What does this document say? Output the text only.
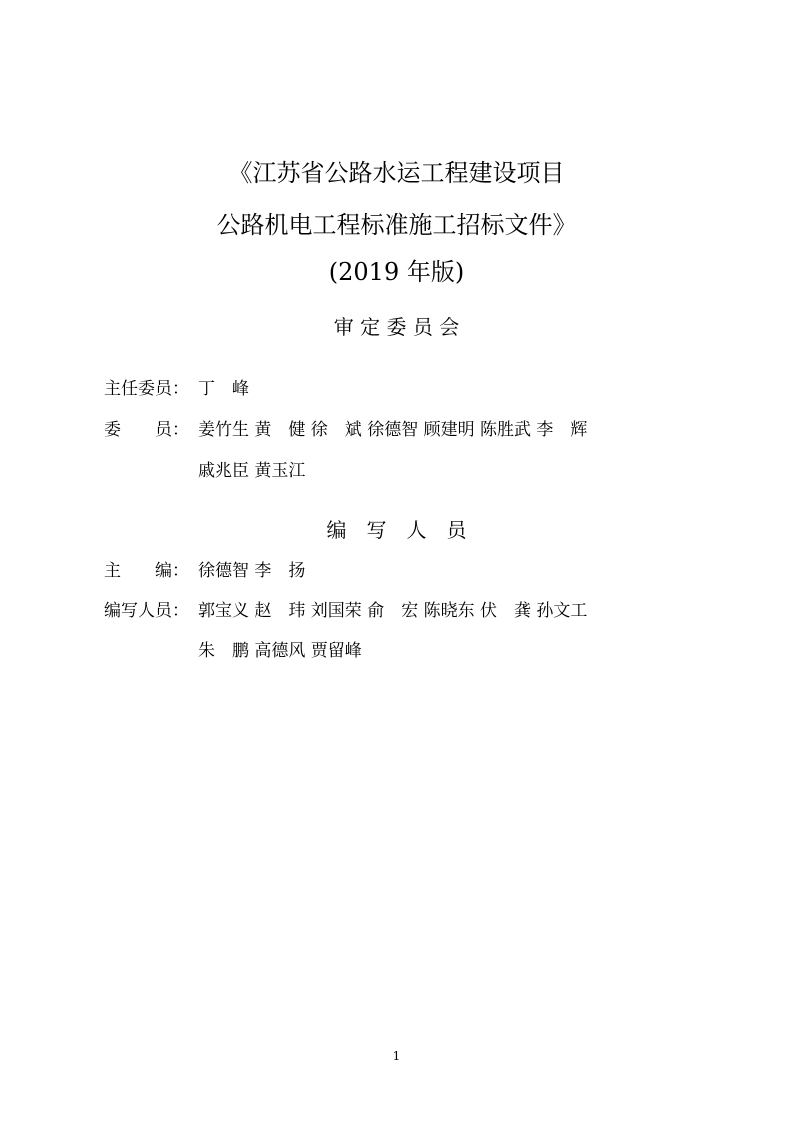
《江苏省公路水运工程建设项目
公路机电工程标准施工招标文件》
(2019 年版)
审 定 委 员 会
主任委员： 丁　峰
委　　员： 姜竹生 黄　健 徐　斌 徐德智 顾建明 陈胜武 李　辉
戚兆臣 黄玉江
编　写　人　员
主　　编： 徐德智 李　扬
编写人员： 郭宝义 赵　玮 刘国荣 俞　宏 陈晓东 伏　龚 孙文工
朱　鹏 高德风 贾留峰
1
